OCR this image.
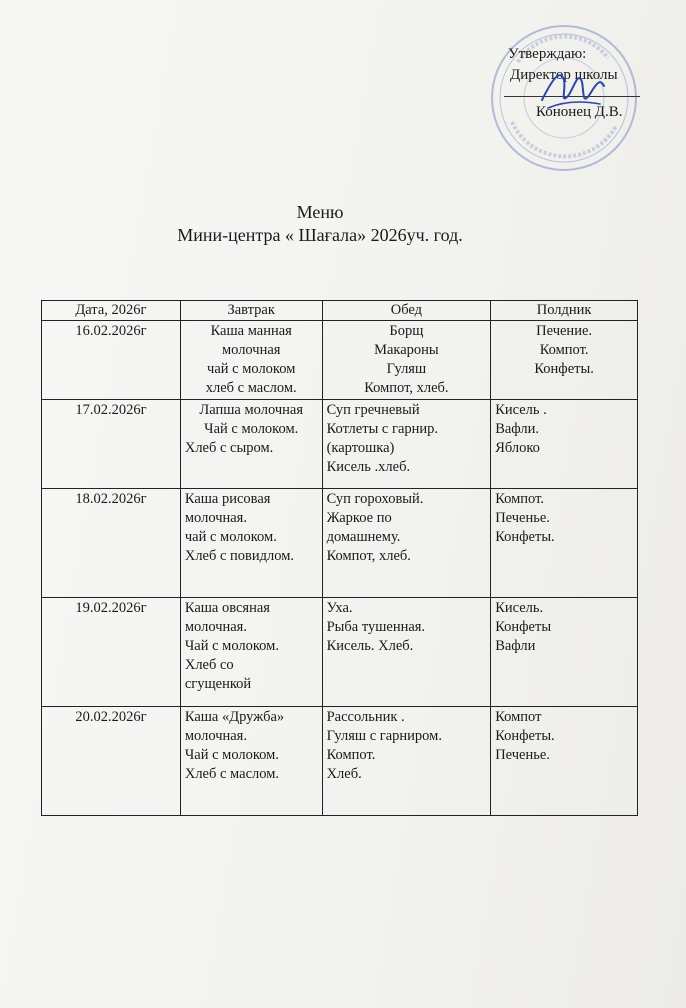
Утверждаю:
Директор школы
Кононец Д.В.
Меню
Мини-центра « Шағала» 2026уч. год.
Дата, 2026г	Завтрак	Обед	Полдник
16.02.2026г	Каша манная
молочная
чай с молоком
хлеб с маслом.	Борщ
Макароны
Гуляш
Компот, хлеб.	Печение.
Компот.
Конфеты.

17.02.2026г	Лапша молочная
Чай с молоком.
Хлеб с сыром.	Суп гречневый
Котлеты с гарнир.
(картошка)
Кисель .хлеб.	Кисель .
Вафли.
Яблоко

18.02.2026г	Каша рисовая
молочная.
чай с молоком.
Хлеб с повидлом.	Суп гороховый.
Жаркое по
домашнему.
Компот, хлеб.	Компот.
Печенье.
Конфеты.

19.02.2026г	Каша овсяная
молочная.
Чай с молоком.
Хлеб со
сгущенкой	Уха.
Рыба тушенная.
Кисель. Хлеб.	Кисель.
Конфеты
Вафли

20.02.2026г	Каша «Дружба»
молочная.
Чай с молоком.
Хлеб с маслом.	Рассольник .
Гуляш с гарниром.
Компот.
Хлеб.	Компот
Конфеты.
Печенье.
